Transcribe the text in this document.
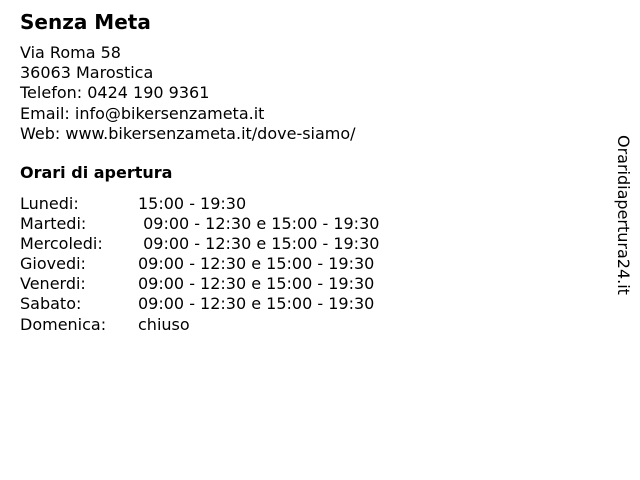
Senza Meta
Via Roma 58
36063 Marostica
Telefon: 0424 190 9361
Email: info@bikersenzameta.it
Web: www.bikersenzameta.it/dove-siamo/
Orari di apertura
Lunedi:	15:00 - 19:30
Martedi:	09:00 - 12:30 e 15:00 - 19:30
Mercoledi:	09:00 - 12:30 e 15:00 - 19:30
Giovedi:	09:00 - 12:30 e 15:00 - 19:30
Venerdi:	09:00 - 12:30 e 15:00 - 19:30
Sabato:	09:00 - 12:30 e 15:00 - 19:30
Domenica:	chiuso
Oraridiapertura24.it
